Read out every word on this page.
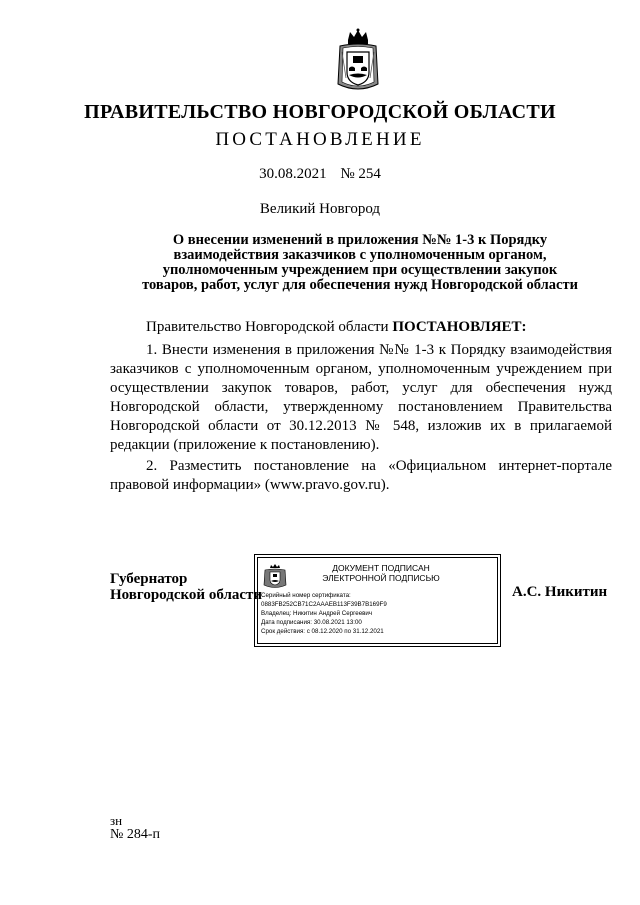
ПРАВИТЕЛЬСТВО НОВГОРОДСКОЙ ОБЛАСТИ
ПОСТАНОВЛЕНИЕ
30.08.2021 № 254
Великий Новгород
О внесении изменений в приложения №№ 1-3 к Порядку
взаимодействия заказчиков с уполномоченным органом,
уполномоченным учреждением при осуществлении закупок
товаров, работ, услуг для обеспечения нужд Новгородской области

Правительство Новгородской области ПОСТАНОВЛЯЕТ:

1. Внести изменения в приложения №№ 1-3 к Порядку взаимодействия заказчиков с уполномоченным органом, уполномоченным учреждением при осуществлении закупок товаров, работ, услуг для обеспечения нужд Новгородской области, утвержденному постановлением Правительства Новгородской области от 30.12.2013 № 548, изложив их в прилагаемой редакции (приложение к постановлению).

2. Разместить постановление на «Официальном интернет-портале правовой информации» (www.pravo.gov.ru).

Губернатор
Новгородской области
ДОКУМЕНТ ПОДПИСАН
ЭЛЕКТРОННОЙ ПОДПИСЬЮ
Серийный номер сертификата:
0883FB252CB71C2AAAEB113F39B7B169F9
Владелец: Никитин Андрей Сергеевич
Дата подписания: 30.08.2021 13:00
Срок действия: с 08.12.2020 по 31.12.2021
А.С. Никитин
зн
№ 284-п
